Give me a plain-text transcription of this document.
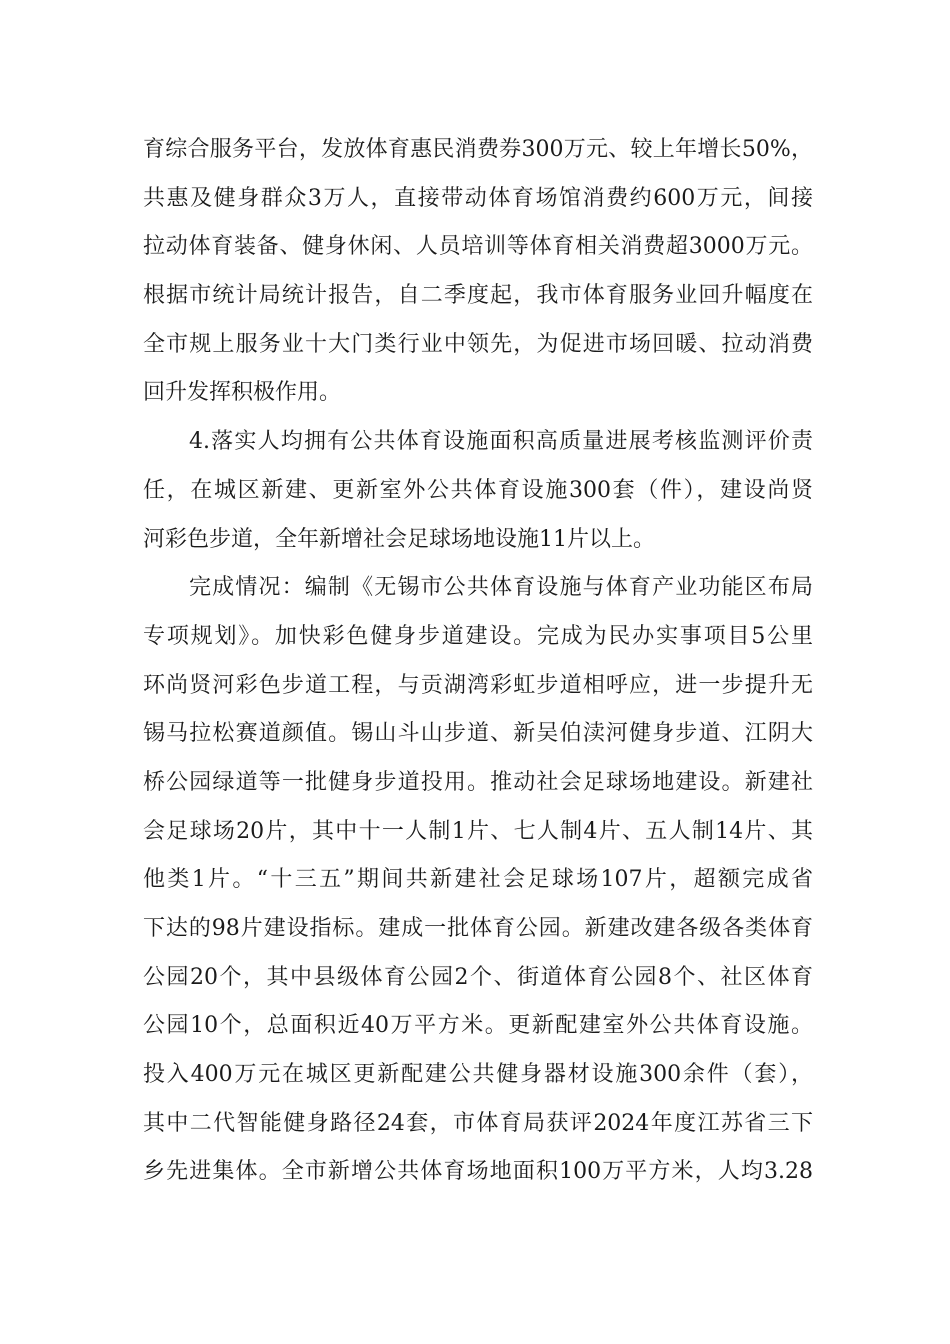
育综合服务平台，发放体育惠民消费券300万元、较上年增长50%，
共惠及健身群众3万人，直接带动体育场馆消费约600万元，间接
拉动体育装备、健身休闲、人员培训等体育相关消费超3000万元。
根据市统计局统计报告，自二季度起，我市体育服务业回升幅度在
全市规上服务业十大门类行业中领先，为促进市场回暖、拉动消费
回升发挥积极作用。
4.落实人均拥有公共体育设施面积高质量进展考核监测评价责
任，在城区新建、更新室外公共体育设施300套（件），建设尚贤
河彩色步道，全年新增社会足球场地设施11片以上。
完成情况：编制《无锡市公共体育设施与体育产业功能区布局
专项规划》。加快彩色健身步道建设。完成为民办实事项目5公里
环尚贤河彩色步道工程，与贡湖湾彩虹步道相呼应，进一步提升无
锡马拉松赛道颜值。锡山斗山步道、新吴伯渎河健身步道、江阴大
桥公园绿道等一批健身步道投用。推动社会足球场地建设。新建社
会足球场20片，其中十一人制1片、七人制4片、五人制14片、其
他类1片。“十三五”期间共新建社会足球场107片，超额完成省
下达的98片建设指标。建成一批体育公园。新建改建各级各类体育
公园20个，其中县级体育公园2个、街道体育公园8个、社区体育
公园10个，总面积近40万平方米。更新配建室外公共体育设施。
投入400万元在城区更新配建公共健身器材设施300余件（套），
其中二代智能健身路径24套，市体育局获评2024年度江苏省三下
乡先进集体。全市新增公共体育场地面积100万平方米，人均3.28
